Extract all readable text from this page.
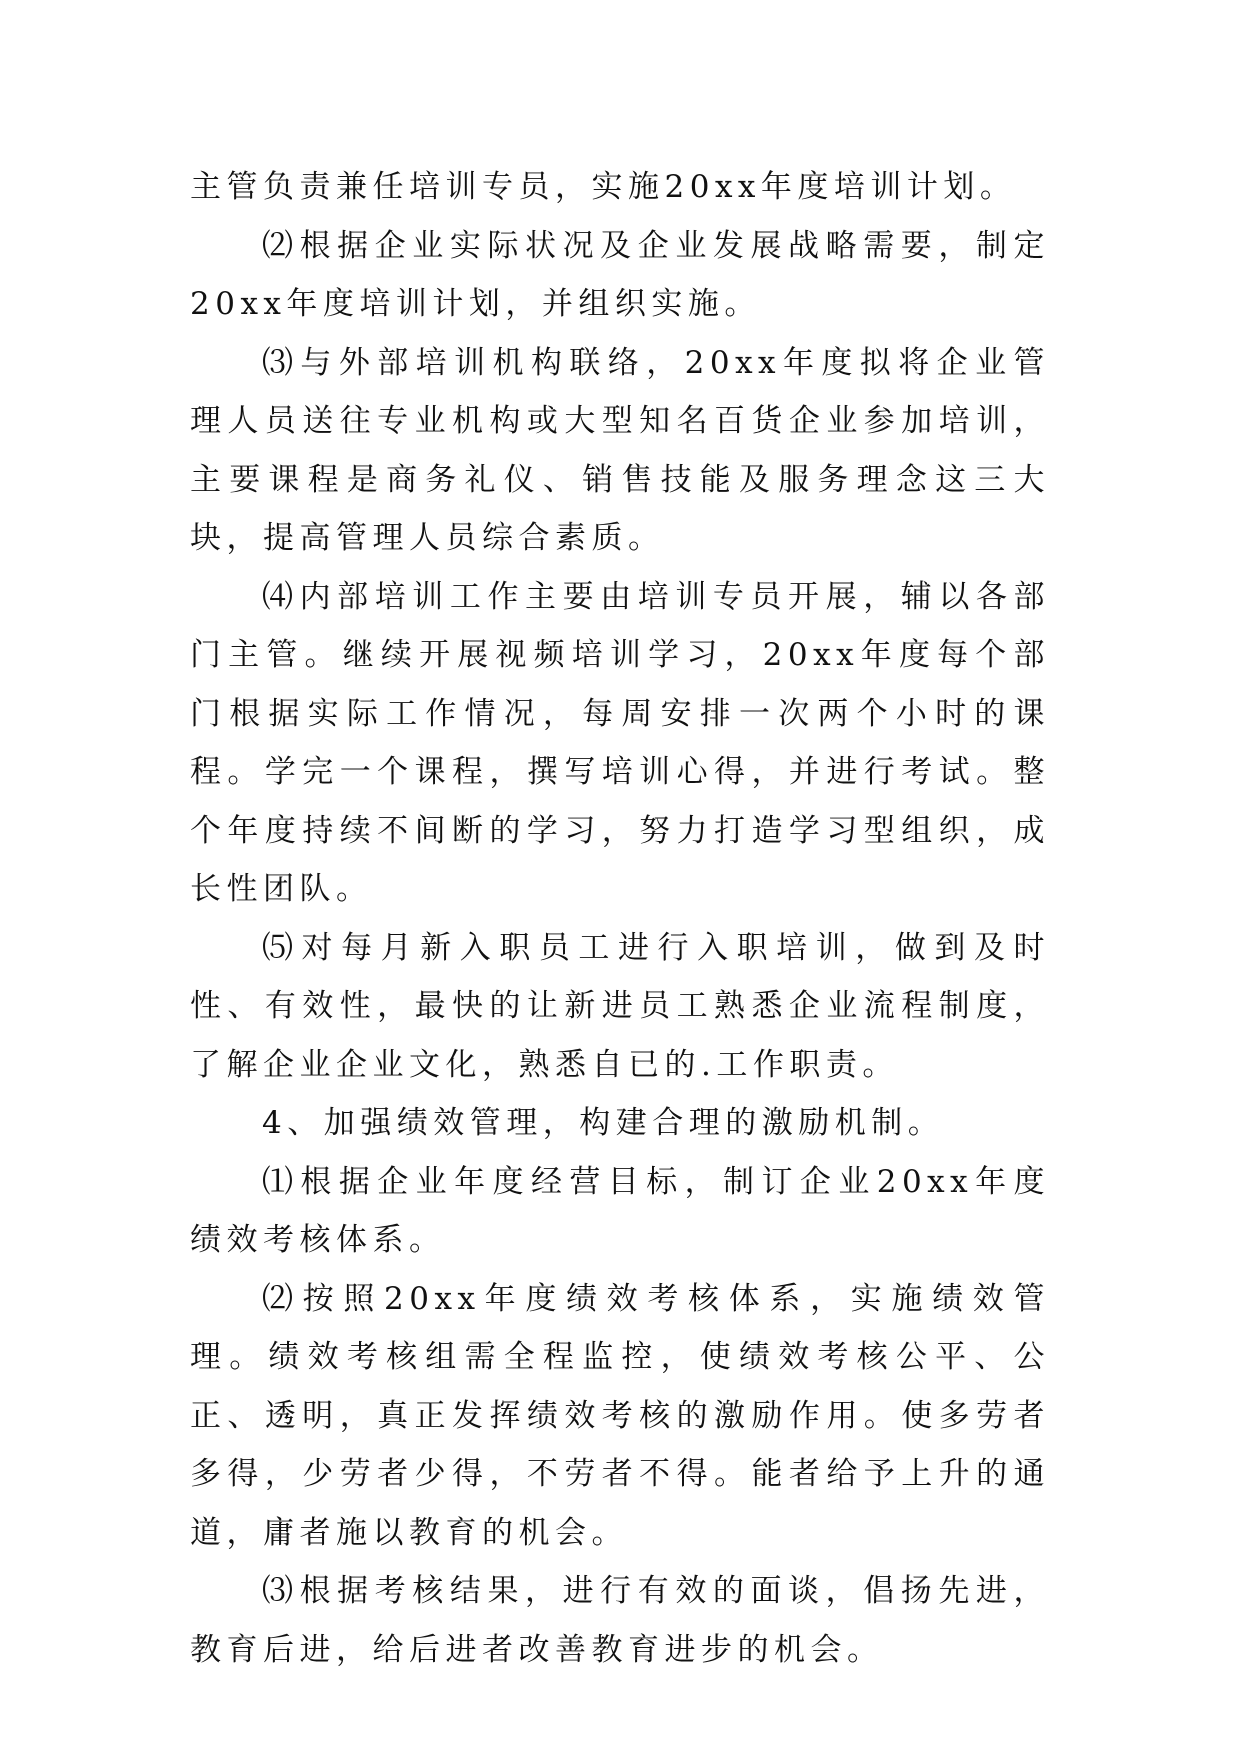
主管负责兼任培训专员，实施20xx年度培训计划。

⑵根据企业实际状况及企业发展战略需要，制定20xx年度培训计划，并组织实施。

⑶与外部培训机构联络，20xx年度拟将企业管理人员送往专业机构或大型知名百货企业参加培训，主要课程是商务礼仪、销售技能及服务理念这三大块，提高管理人员综合素质。

⑷内部培训工作主要由培训专员开展，辅以各部门主管。继续开展视频培训学习，20xx年度每个部门根据实际工作情况，每周安排一次两个小时的课程。学完一个课程，撰写培训心得，并进行考试。整个年度持续不间断的学习，努力打造学习型组织，成长性团队。

⑸对每月新入职员工进行入职培训，做到及时性、有效性，最快的让新进员工熟悉企业流程制度，了解企业企业文化，熟悉自已的.工作职责。

4、加强绩效管理，构建合理的激励机制。

⑴根据企业年度经营目标，制订企业20xx年度绩效考核体系。

⑵按照20xx年度绩效考核体系，实施绩效管理。绩效考核组需全程监控，使绩效考核公平、公正、透明，真正发挥绩效考核的激励作用。使多劳者多得，少劳者少得，不劳者不得。能者给予上升的通道，庸者施以教育的机会。

⑶根据考核结果，进行有效的面谈，倡扬先进，教育后进，给后进者改善教育进步的机会。
